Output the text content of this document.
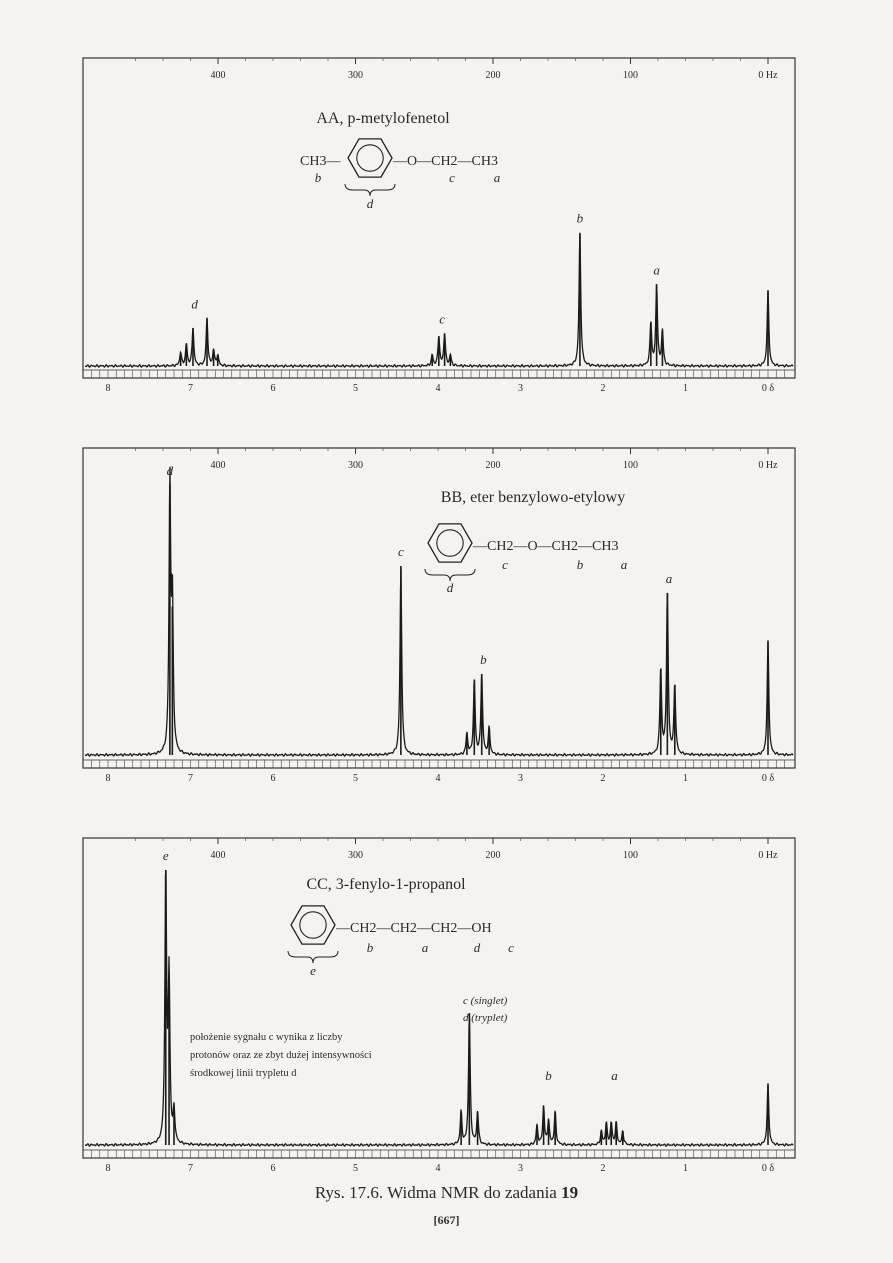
400	300	200	100	0 Hz
8	7	6	5	4	3	2	1	0 δ
d
c
b
a
400	300	200	100	0 Hz
8	7	6	5	4	3	2	1	0 δ
d
c
b
a
400	300	200	100	0 Hz
8	7	6	5	4	3	2	1	0 δ
e
b	a
AA, p-metylofenetol
CH3—	—O—CH2—CH3
b
d
c	a
BB, eter benzylowo-etylowy
—CH2—O—CH2—CH3
d
c	b	a
CC, 3-fenylo-1-propanol
—CH2—CH2—CH2—OH
b	a	d c
e
c (singlet)
d (tryplet)
położenie sygnału c wynika z liczby
protonów oraz ze zbyt dużej intensywności
środkowej linii trypletu d
Rys. 17.6. Widma NMR do zadania 19
[667]
